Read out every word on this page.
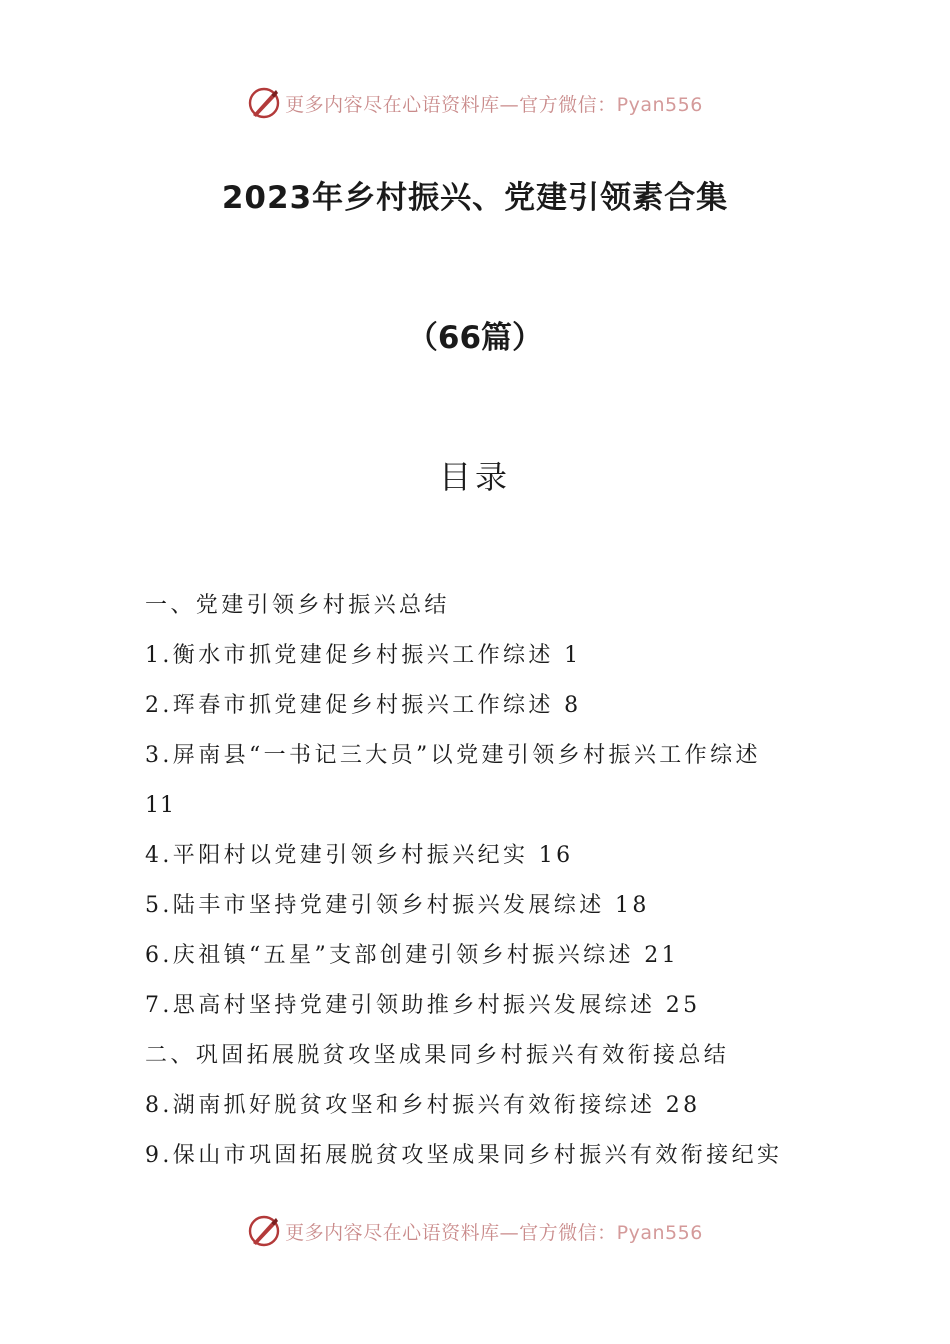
更多内容尽在心语资料库—官方微信：Pyan556
2023年乡村振兴、党建引领素合集
（66篇）
目录
一、党建引领乡村振兴总结
1.衡水市抓党建促乡村振兴工作综述 1
2.珲春市抓党建促乡村振兴工作综述 8
3.屏南县“一书记三大员”以党建引领乡村振兴工作综述
11
4.平阳村以党建引领乡村振兴纪实 16
5.陆丰市坚持党建引领乡村振兴发展综述 18
6.庆祖镇“五星”支部创建引领乡村振兴综述 21
7.思高村坚持党建引领助推乡村振兴发展综述 25
二、巩固拓展脱贫攻坚成果同乡村振兴有效衔接总结
8.湖南抓好脱贫攻坚和乡村振兴有效衔接综述 28
9.保山市巩固拓展脱贫攻坚成果同乡村振兴有效衔接纪实
更多内容尽在心语资料库—官方微信：Pyan556
